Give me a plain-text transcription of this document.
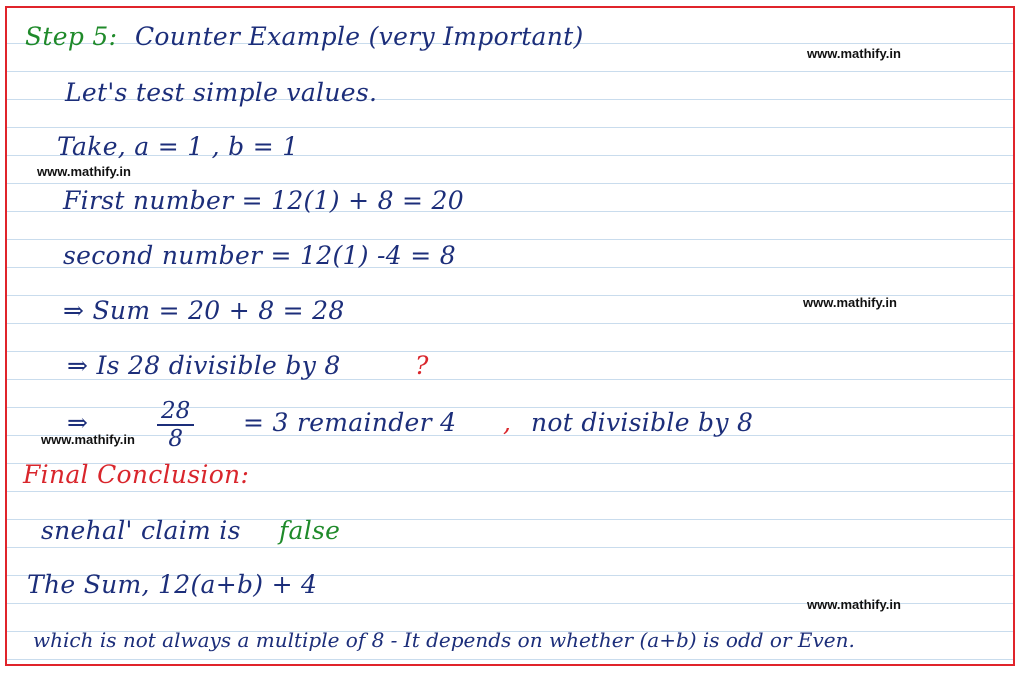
Step 5: Counter Example (very Important)
www.mathify.in
Let's test simple values.
Take, a = 1 , b = 1
www.mathify.in
First number = 12(1) + 8 = 20
second number = 12(1) -4 = 8
⇒ Sum = 20 + 8 = 28	www.mathify.in
⇒ Is 28 divisible by 8	?
⇒	$\frac{28}{8} = 3$ remainder 4 , not divisible by 8
www.mathify.in
Final Conclusion:
snehal' claim is false
The Sum, 12(a+b) + 4
www.mathify.in
which is not always a multiple of 8 - It depends on whether (a+b) is odd or Even.
